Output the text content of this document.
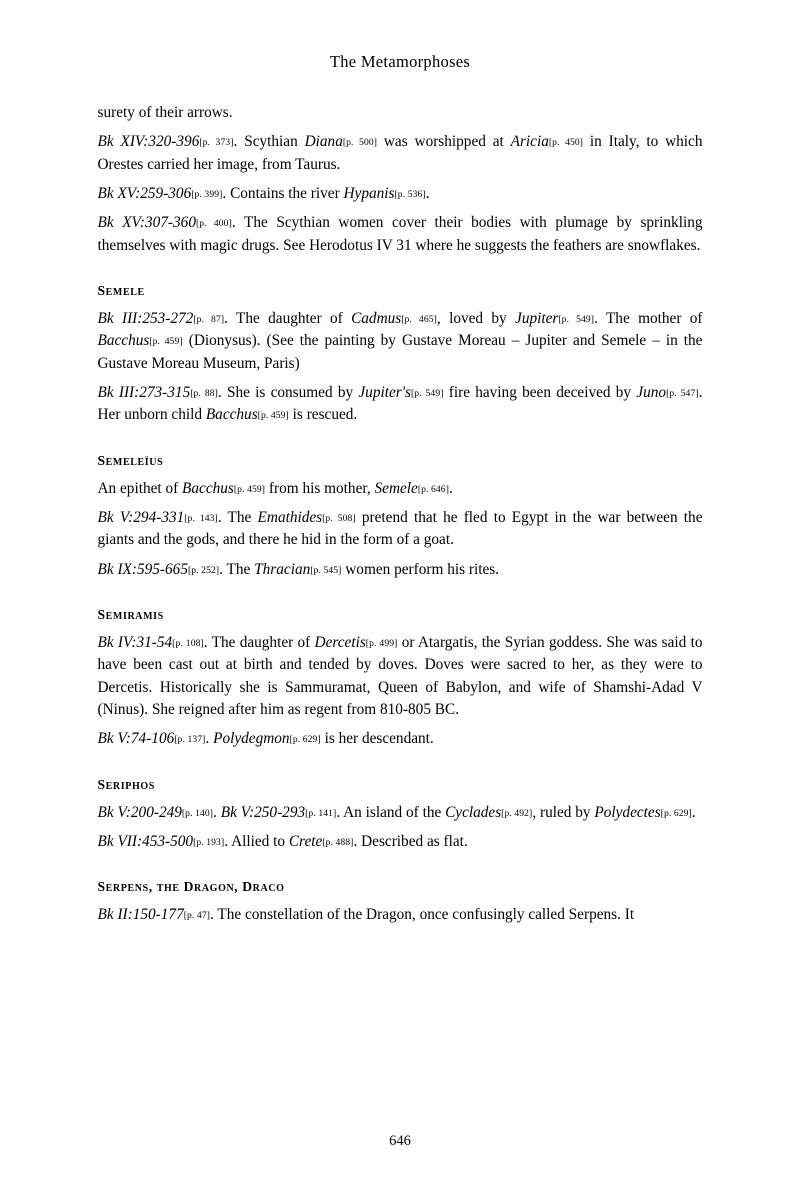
The Metamorphoses

surety of their arrows.

Bk XIV:320-396[p. 373]. Scythian Diana[p. 500] was worshipped at Aricia[p. 450] in Italy, to which Orestes carried her image, from Taurus.

Bk XV:259-306[p. 399]. Contains the river Hypanis[p. 536].

Bk XV:307-360[p. 400]. The Scythian women cover their bodies with plumage by sprinkling themselves with magic drugs. See Herodotus IV 31 where he suggests the feathers are snowflakes.

Semele

Bk III:253-272[p. 87]. The daughter of Cadmus[p. 465], loved by Jupiter[p. 549]. The mother of Bacchus[p. 459] (Dionysus). (See the painting by Gustave Moreau – Jupiter and Semele – in the Gustave Moreau Museum, Paris)

Bk III:273-315[p. 88]. She is consumed by Jupiter's[p. 549] fire having been deceived by Juno[p. 547]. Her unborn child Bacchus[p. 459] is rescued.

Semeleïus

An epithet of Bacchus[p. 459] from his mother, Semele[p. 646].

Bk V:294-331[p. 143]. The Emathides[p. 508] pretend that he fled to Egypt in the war between the giants and the gods, and there he hid in the form of a goat.

Bk IX:595-665[p. 252]. The Thracian[p. 545] women perform his rites.

Semiramis

Bk IV:31-54[p. 108]. The daughter of Dercetis[p. 499] or Atargatis, the Syrian goddess. She was said to have been cast out at birth and tended by doves. Doves were sacred to her, as they were to Dercetis. Historically she is Sammuramat, Queen of Babylon, and wife of Shamshi-Adad V (Ninus). She reigned after him as regent from 810-805 BC.

Bk V:74-106[p. 137]. Polydegmon[p. 629] is her descendant.

Seriphos

Bk V:200-249[p. 140]. Bk V:250-293[p. 141]. An island of the Cyclades[p. 492], ruled by Polydectes[p. 629].

Bk VII:453-500[p. 193]. Allied to Crete[p. 488]. Described as flat.

Serpens, the Dragon, Draco

Bk II:150-177[p. 47]. The constellation of the Dragon, once confusingly called Serpens. It

646
